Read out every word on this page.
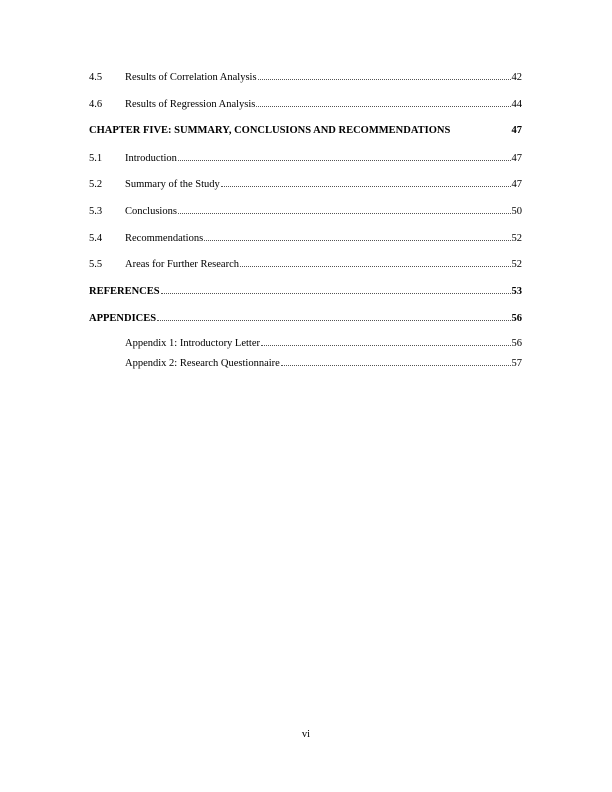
4.5	Results of Correlation Analysis	42
4.6	Results of Regression Analysis	44
CHAPTER FIVE: SUMMARY, CONCLUSIONS AND RECOMMENDATIONS	47
5.1	Introduction	47
5.2	Summary of the Study	47
5.3	Conclusions	50
5.4	Recommendations	52
5.5	Areas for Further Research	52
REFERENCES	53
APPENDICES	56
Appendix 1: Introductory Letter	56
Appendix 2: Research Questionnaire	57
vi
